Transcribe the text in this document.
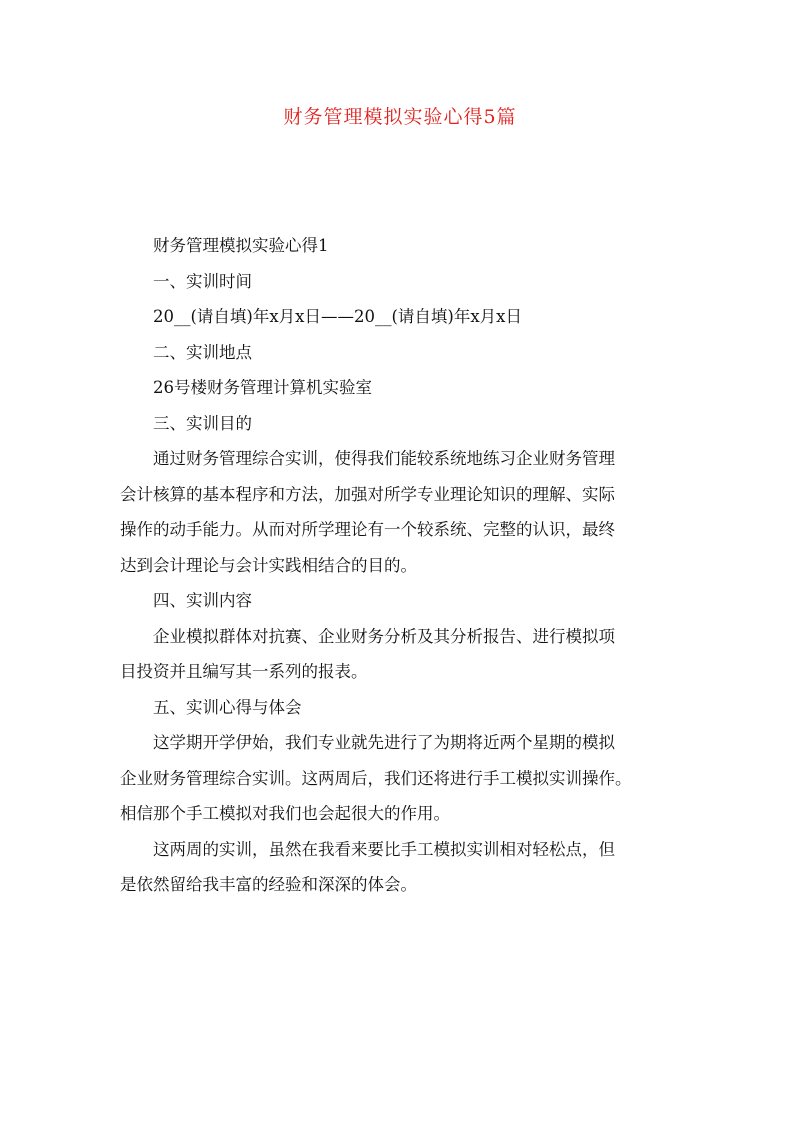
财务管理模拟实验心得5篇

财务管理模拟实验心得1

一、实训时间

20__(请自填)年x月x日——20__(请自填)年x月x日

二、实训地点

26号楼财务管理计算机实验室

三、实训目的

通过财务管理综合实训，使得我们能较系统地练习企业财务管理
会计核算的基本程序和方法，加强对所学专业理论知识的理解、实际
操作的动手能力。从而对所学理论有一个较系统、完整的认识，最终
达到会计理论与会计实践相结合的目的。

四、实训内容

企业模拟群体对抗赛、企业财务分析及其分析报告、进行模拟项
目投资并且编写其一系列的报表。

五、实训心得与体会

这学期开学伊始，我们专业就先进行了为期将近两个星期的模拟
企业财务管理综合实训。这两周后，我们还将进行手工模拟实训操作。
相信那个手工模拟对我们也会起很大的作用。

这两周的实训，虽然在我看来要比手工模拟实训相对轻松点，但
是依然留给我丰富的经验和深深的体会。
